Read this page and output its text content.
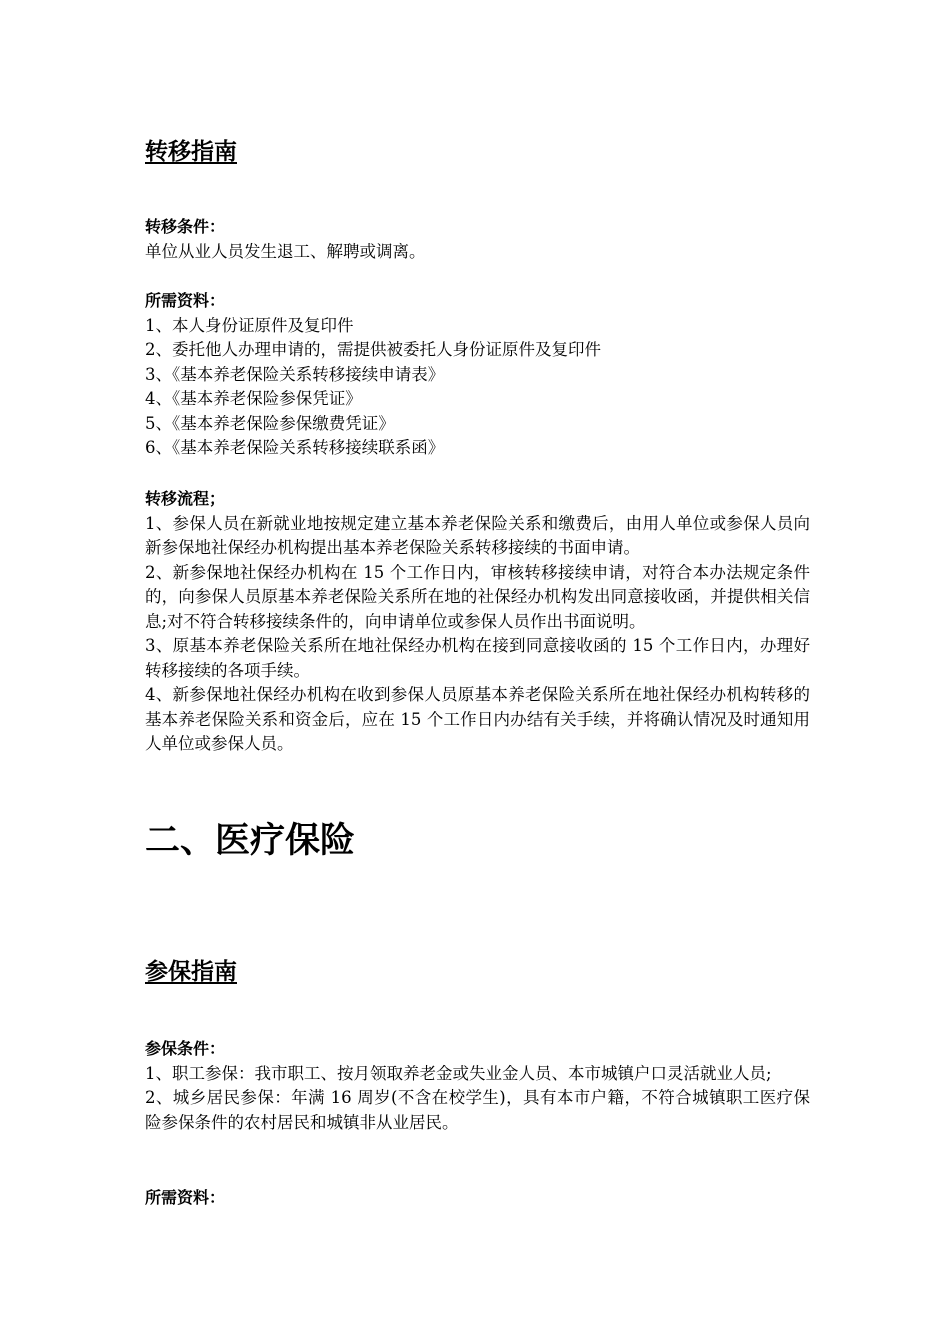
转移指南
转移条件：
单位从业人员发生退工、解聘或调离。
所需资料：
1、本人身份证原件及复印件
2、委托他人办理申请的，需提供被委托人身份证原件及复印件
3、《基本养老保险关系转移接续申请表》
4、《基本养老保险参保凭证》
5、《基本养老保险参保缴费凭证》
6、《基本养老保险关系转移接续联系函》
转移流程；
1、参保人员在新就业地按规定建立基本养老保险关系和缴费后，由用人单位或参保人员向新参保地社保经办机构提出基本养老保险关系转移接续的书面申请。
2、新参保地社保经办机构在 15 个工作日内，审核转移接续申请，对符合本办法规定条件的，向参保人员原基本养老保险关系所在地的社保经办机构发出同意接收函，并提供相关信息;对不符合转移接续条件的，向申请单位或参保人员作出书面说明。
3、原基本养老保险关系所在地社保经办机构在接到同意接收函的 15 个工作日内，办理好转移接续的各项手续。
4、新参保地社保经办机构在收到参保人员原基本养老保险关系所在地社保经办机构转移的基本养老保险关系和资金后，应在 15 个工作日内办结有关手续，并将确认情况及时通知用人单位或参保人员。
二、医疗保险
参保指南
参保条件：
1、职工参保：我市职工、按月领取养老金或失业金人员、本市城镇户口灵活就业人员;
2、城乡居民参保：年满 16 周岁(不含在校学生)，具有本市户籍，不符合城镇职工医疗保险参保条件的农村居民和城镇非从业居民。
所需资料：
